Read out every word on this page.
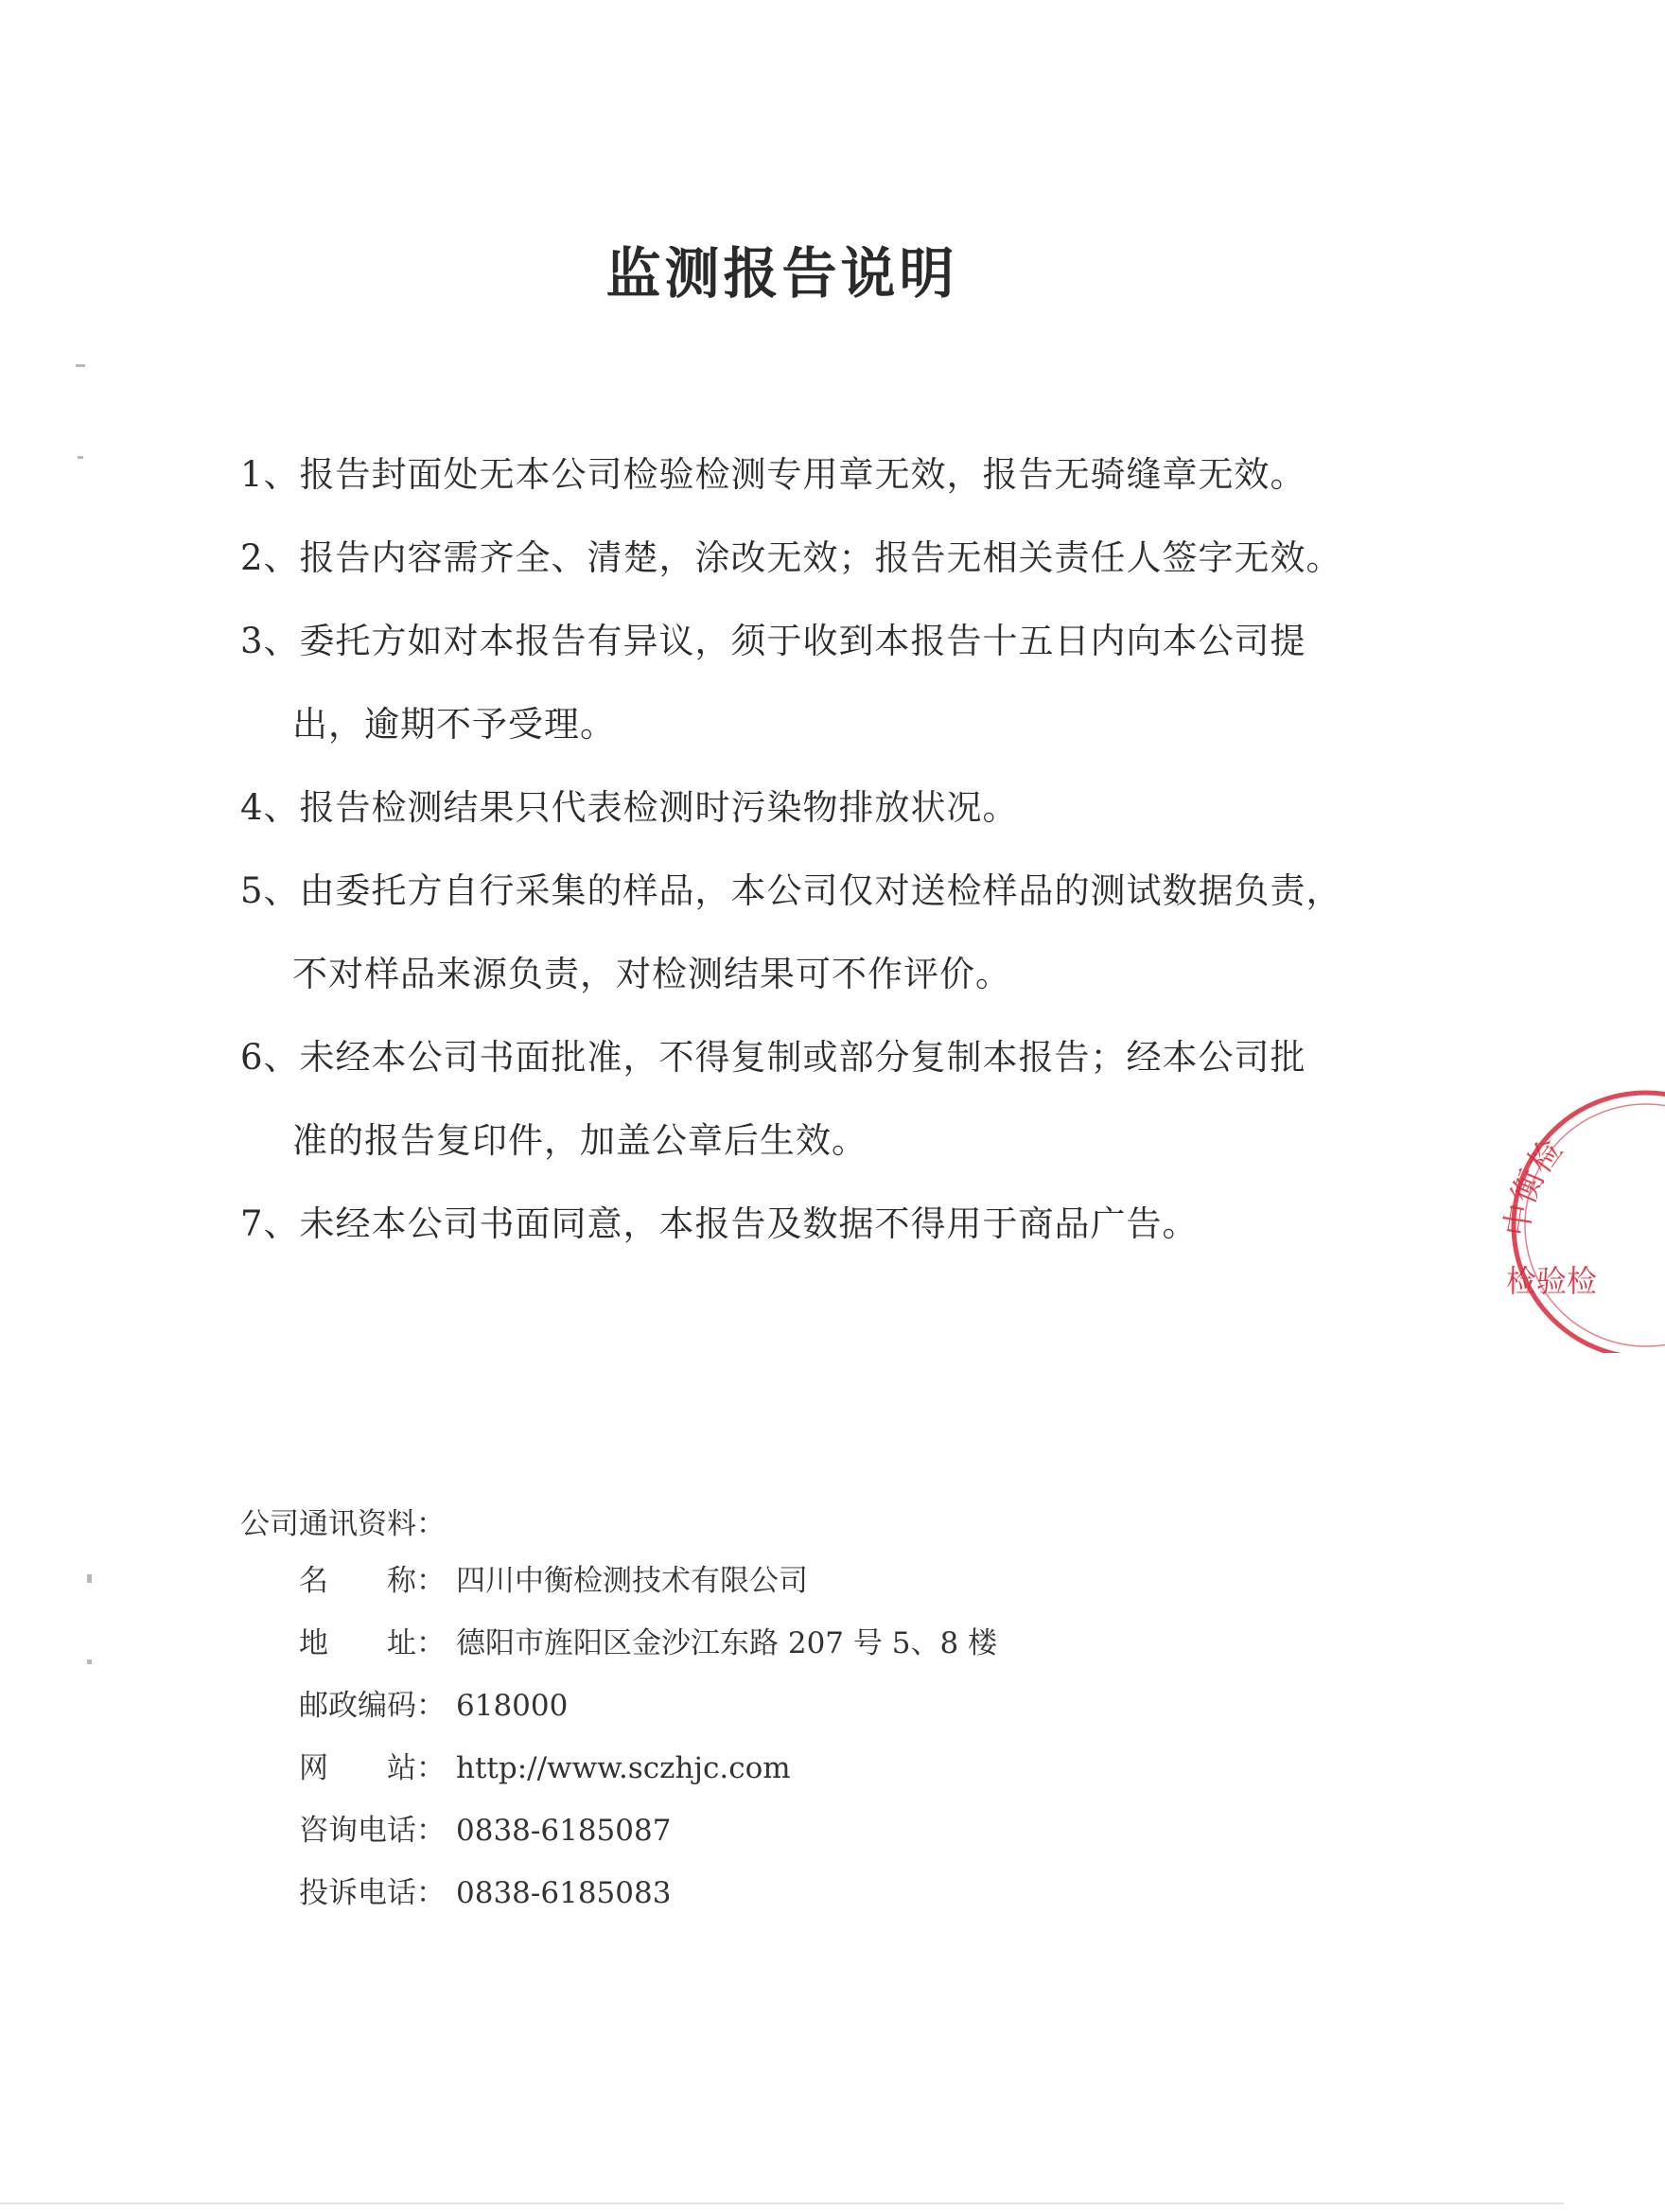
监测报告说明
1、报告封面处无本公司检验检测专用章无效，报告无骑缝章无效。
2、报告内容需齐全、清楚，涂改无效；报告无相关责任人签字无效。
3、委托方如对本报告有异议，须于收到本报告十五日内向本公司提
出，逾期不予受理。
4、报告检测结果只代表检测时污染物排放状况。
5、由委托方自行采集的样品，本公司仅对送检样品的测试数据负责，
不对样品来源负责，对检测结果可不作评价。
6、未经本公司书面批准，不得复制或部分复制本报告；经本公司批
准的报告复印件，加盖公章后生效。
7、未经本公司书面同意，本报告及数据不得用于商品广告。
公司通讯资料：
名　　称： 四川中衡检测技术有限公司
地　　址： 德阳市旌阳区金沙江东路 207 号 5、8 楼
邮政编码： 618000
网　　站： http://www.sczhjc.com
咨询电话： 0838-6185087
投诉电话： 0838-6185083
中衡检
检验检
